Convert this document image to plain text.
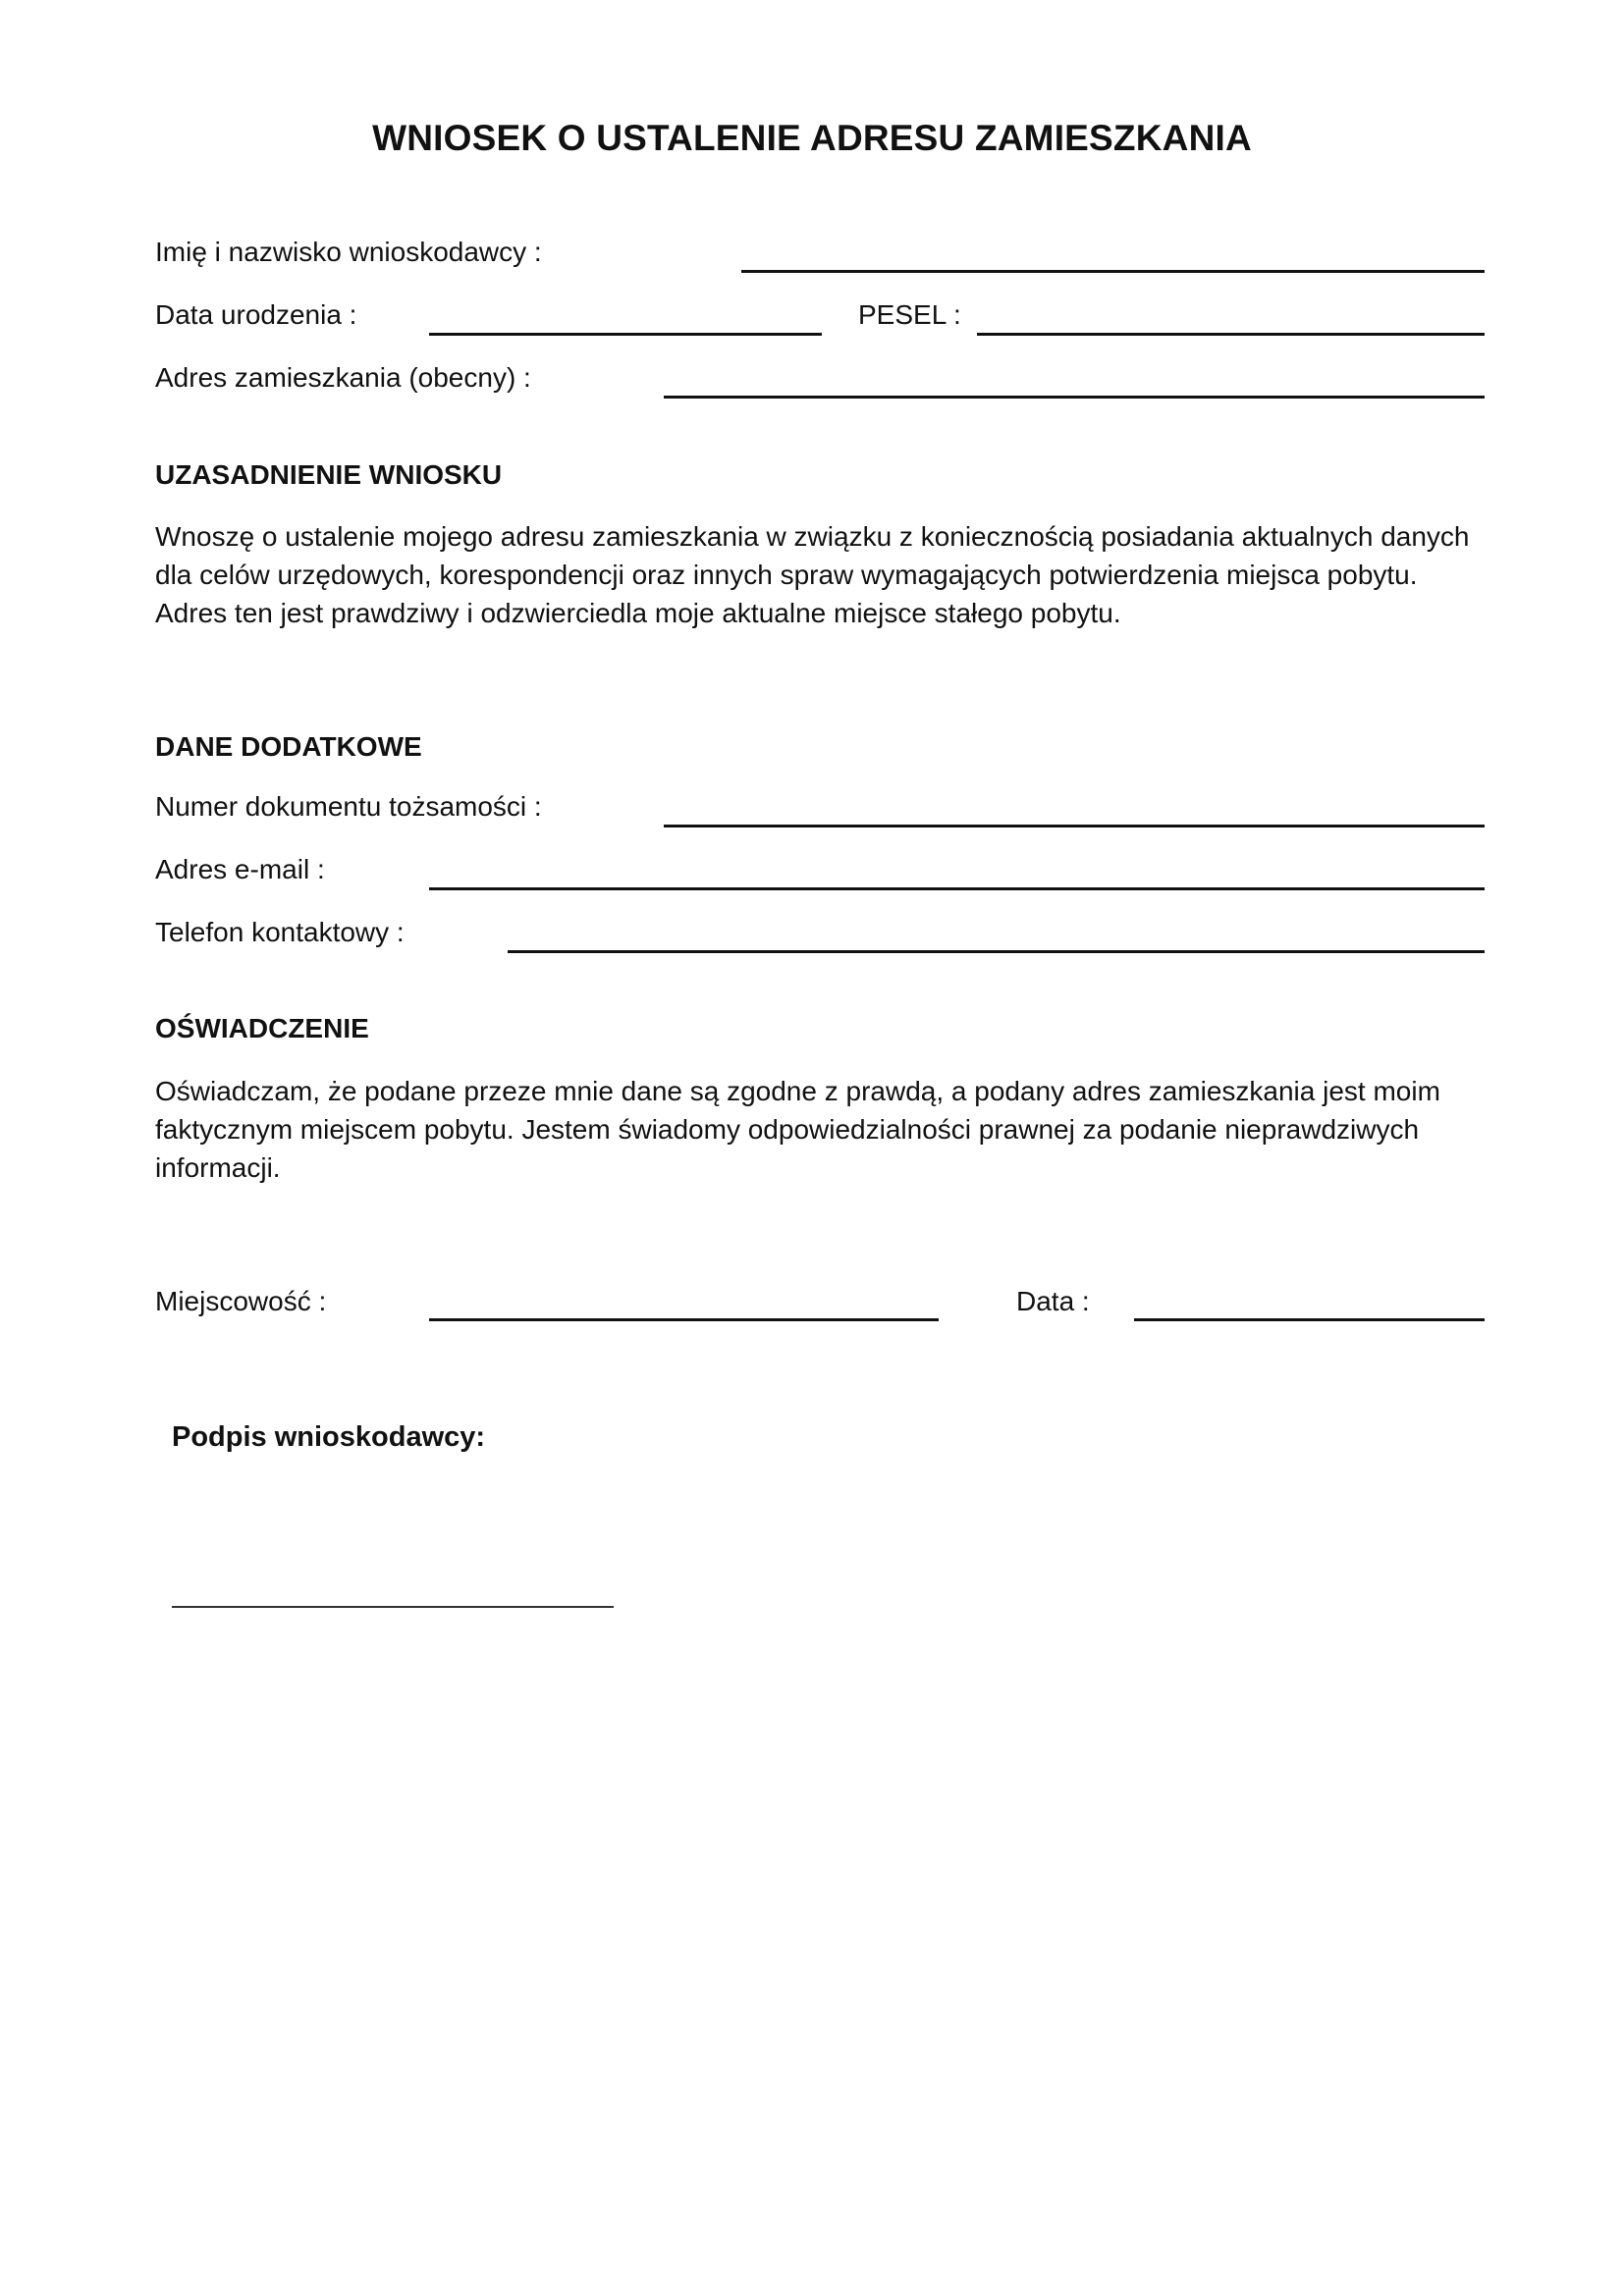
WNIOSEK O USTALENIE ADRESU ZAMIESZKANIA
Imię i nazwisko wnioskodawcy :
Data urodzenia :	PESEL :
Adres zamieszkania (obecny) :
UZASADNIENIE WNIOSKU
Wnoszę o ustalenie mojego adresu zamieszkania w związku z koniecznością posiadania aktualnych danych dla celów urzędowych, korespondencji oraz innych spraw wymagających potwierdzenia miejsca pobytu. Adres ten jest prawdziwy i odzwierciedla moje aktualne miejsce stałego pobytu.
DANE DODATKOWE
Numer dokumentu tożsamości :
Adres e-mail :
Telefon kontaktowy :
OŚWIADCZENIE
Oświadczam, że podane przeze mnie dane są zgodne z prawdą, a podany adres zamieszkania jest moim faktycznym miejscem pobytu. Jestem świadomy odpowiedzialności prawnej za podanie nieprawdziwych informacji.
Miejscowość :	Data :
Podpis wnioskodawcy:
